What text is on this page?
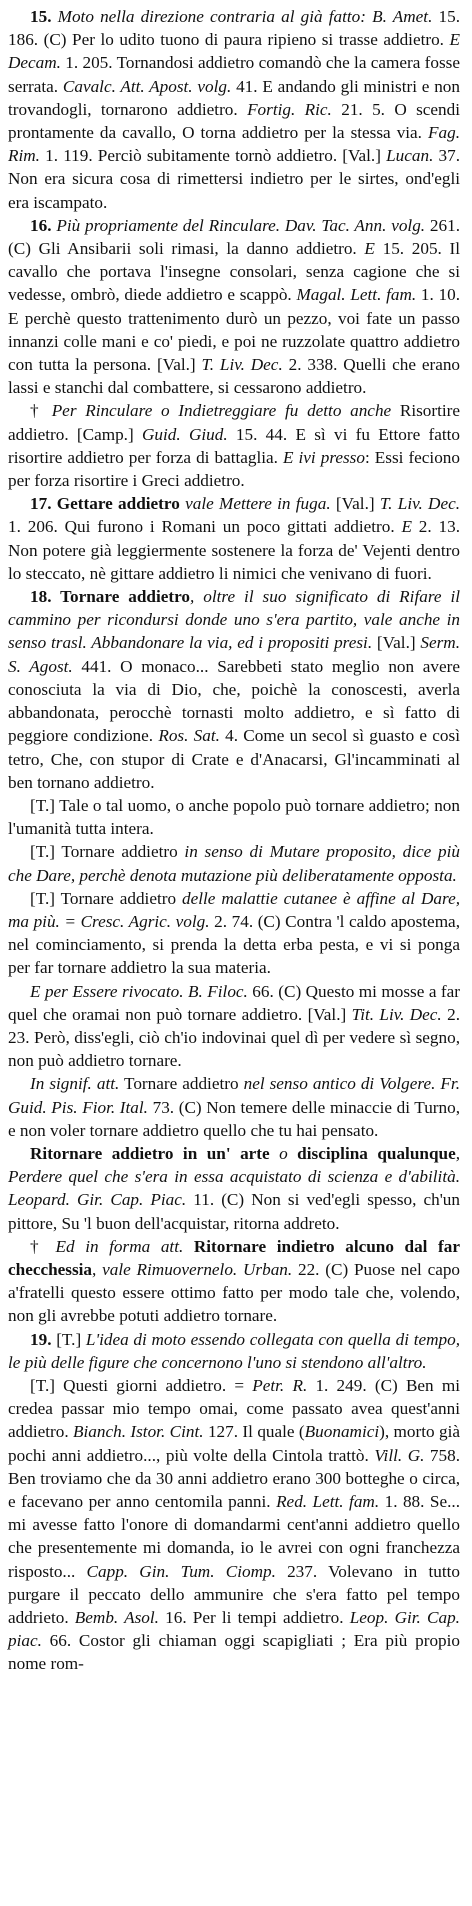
15. Moto nella direzione contraria al già fatto: B. Amet. 15. 186. (C) Per lo udito tuono di paura ripieno si trasse addietro. E Decam. 1. 205. Tornandosi addietro comandò che la camera fosse serrata. Cavalc. Att. Apost. volg. 41. E andando gli ministri e non trovandogli, tornarono addietro. Fortig. Ric. 21. 5. O scendi prontamente da cavallo, O torna addietro per la stessa via. Fag. Rim. 1. 119. Perciò subitamente tornò addietro. [Val.] Lucan. 37. Non era sicura cosa di rimettersi indietro per le sirtes, ond'egli era iscampato.

16. Più propriamente del Rinculare. Dav. Tac. Ann. volg. 261. (C) Gli Ansibarii soli rimasi, la danno addietro. E 15. 205. Il cavallo che portava l'insegne consolari, senza cagione che si vedesse, ombrò, diede addietro e scappò. Magal. Lett. fam. 1. 10. E perchè questo trattenimento durò un pezzo, voi fate un passo innanzi colle mani e co' piedi, e poi ne ruzzolate quattro addietro con tutta la persona. [Val.] T. Liv. Dec. 2. 338. Quelli che erano lassi e stanchi dal combattere, si cessarono addietro.

† Per Rinculare o Indietreggiare fu detto anche Risortire addietro. [Camp.] Guid. Giud. 15. 44. E sì vi fu Ettore fatto risortire addietro per forza di battaglia. E ivi presso: Essi feciono per forza risortire i Greci addietro.

17. Gettare addietro vale Mettere in fuga. [Val.] T. Liv. Dec. 1. 206. Qui furono i Romani un poco gittati addietro. E 2. 13. Non potere già leggiermente sostenere la forza de' Vejenti dentro lo steccato, nè gittare addietro li nimici che venivano di fuori.

18. Tornare addietro, oltre il suo significato di Rifare il cammino per ricondursi donde uno s'era partito, vale anche in senso trasl. Abbandonare la via, ed i propositi presi. [Val.] Serm. S. Agost. 441. O monaco... Sarebbeti stato meglio non avere conosciuta la via di Dio, che, poichè la conoscesti, averla abbandonata, perocchè tornasti molto addietro, e sì fatto di peggiore condizione. Ros. Sat. 4. Come un secol sì guasto e così tetro, Che, con stupor di Crate e d'Anacarsi, Gl'incamminati al ben tornano addietro.

[T.] Tale o tal uomo, o anche popolo può tornare addietro; non l'umanità tutta intera.

[T.] Tornare addietro in senso di Mutare proposito, dice più che Dare, perchè denota mutazione più deliberatamente opposta.

[T.] Tornare addietro delle malattie cutanee è affine al Dare, ma più. = Cresc. Agric. volg. 2. 74. (C) Contra 'l caldo apostema, nel cominciamento, si prenda la detta erba pesta, e vi si ponga per far tornare addietro la sua materia.

E per Essere rivocato. B. Filoc. 66. (C) Questo mi mosse a far quel che oramai non può tornare addietro. [Val.] Tit. Liv. Dec. 2. 23. Però, diss'egli, ciò ch'io indovinai quel dì per vedere sì segno, non può addietro tornare.

In signif. att. Tornare addietro nel senso antico di Volgere. Fr. Guid. Pis. Fior. Ital. 73. (C) Non temere delle minaccie di Turno, e non voler tornare addietro quello che tu hai pensato.

Ritornare addietro in un' arte o disciplina qualunque, Perdere quel che s'era in essa acquistato di scienza e d'abilità. Leopard. Gir. Cap. Piac. 11. (C) Non si ved'egli spesso, ch'un pittore, Su 'l buon dell'acquistar, ritorna addreto.

† Ed in forma att. Ritornare indietro alcuno dal far checchessia, vale Rimuovernelo. Urban. 22. (C) Puose nel capo a'fratelli questo essere ottimo fatto per modo tale che, volendo, non gli avrebbe potuti addietro tornare.

19. [T.] L'idea di moto essendo collegata con quella di tempo, le più delle figure che concernono l'uno si stendono all'altro.

[T.] Questi giorni addietro. = Petr. R. 1. 249. (C) Ben mi credea passar mio tempo omai, come passato avea quest'anni addietro. Bianch. Istor. Cint. 127. Il quale (Buonamici), morto già pochi anni addietro..., più volte della Cintola trattò. Vill. G. 758. Ben troviamo che da 30 anni addietro erano 300 botteghe o circa, e facevano per anno centomila panni. Red. Lett. fam. 1. 88. Se... mi avesse fatto l'onore di domandarmi cent'anni addietro quello che presentemente mi domanda, io le avrei con ogni franchezza risposto... Capp. Gin. Tum. Ciomp. 237. Volevano in tutto purgare il peccato dello ammunire che s'era fatto pel tempo addrieto. Bemb. Asol. 16. Per li tempi addietro. Leop. Gir. Cap. piac. 66. Costor gli chiaman oggi scapigliati ; Era più propio nome rom-
